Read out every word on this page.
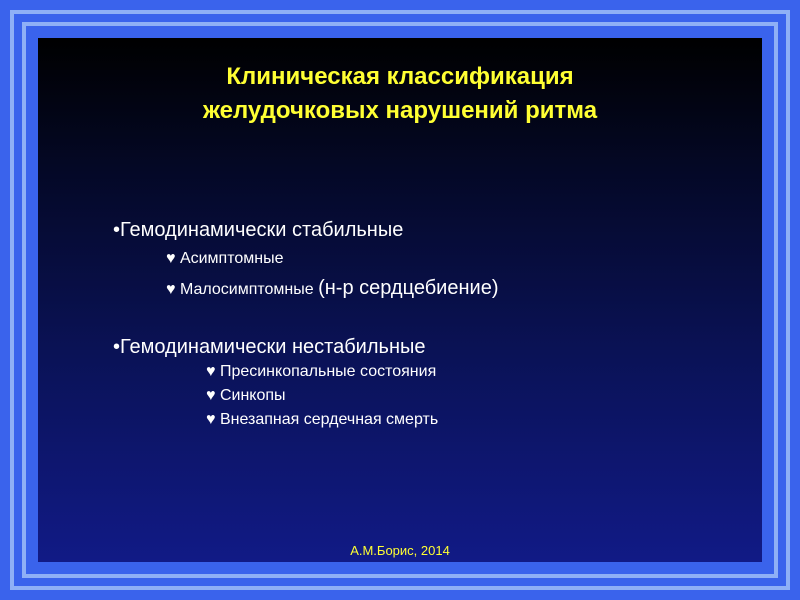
Клиническая классификация
желудочковых нарушений ритма
•Гемодинамически стабильные
♥ Асимптомные
♥ Малосимптомные (н-р сердцебиение)
•Гемодинамически нестабильные
♥ Пресинкопальные состояния
♥ Синкопы
♥ Внезапная сердечная смерть
А.М.Борис, 2014
